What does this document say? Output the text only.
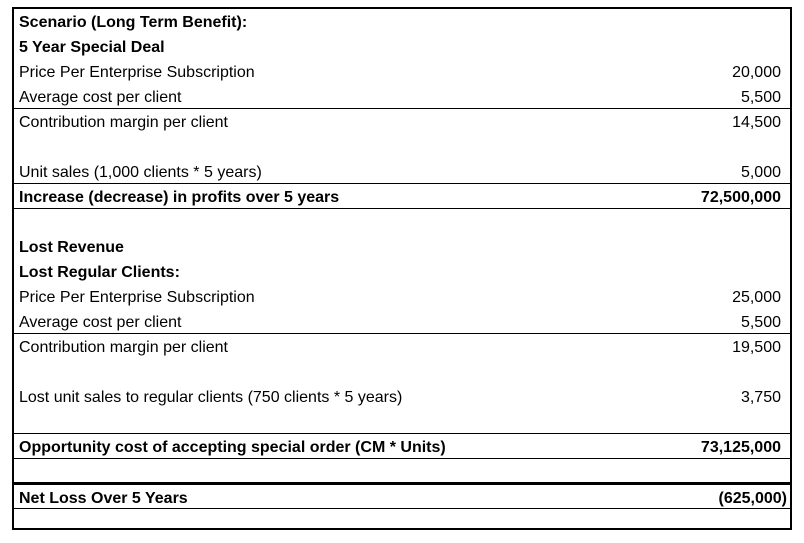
Scenario (Long Term Benefit):
5 Year Special Deal
Price Per Enterprise Subscription	20,000
Average cost per client	5,500
Contribution margin per client	14,500
Unit sales (1,000 clients * 5 years)	5,000
Increase (decrease) in profits over 5 years	72,500,000
Lost Revenue
Lost Regular Clients:
Price Per Enterprise Subscription	25,000
Average cost per client	5,500
Contribution margin per client	19,500
Lost unit sales to regular clients (750 clients * 5 years)	3,750
Opportunity cost of accepting special order (CM * Units)	73,125,000
Net Loss Over 5 Years	(625,000)
